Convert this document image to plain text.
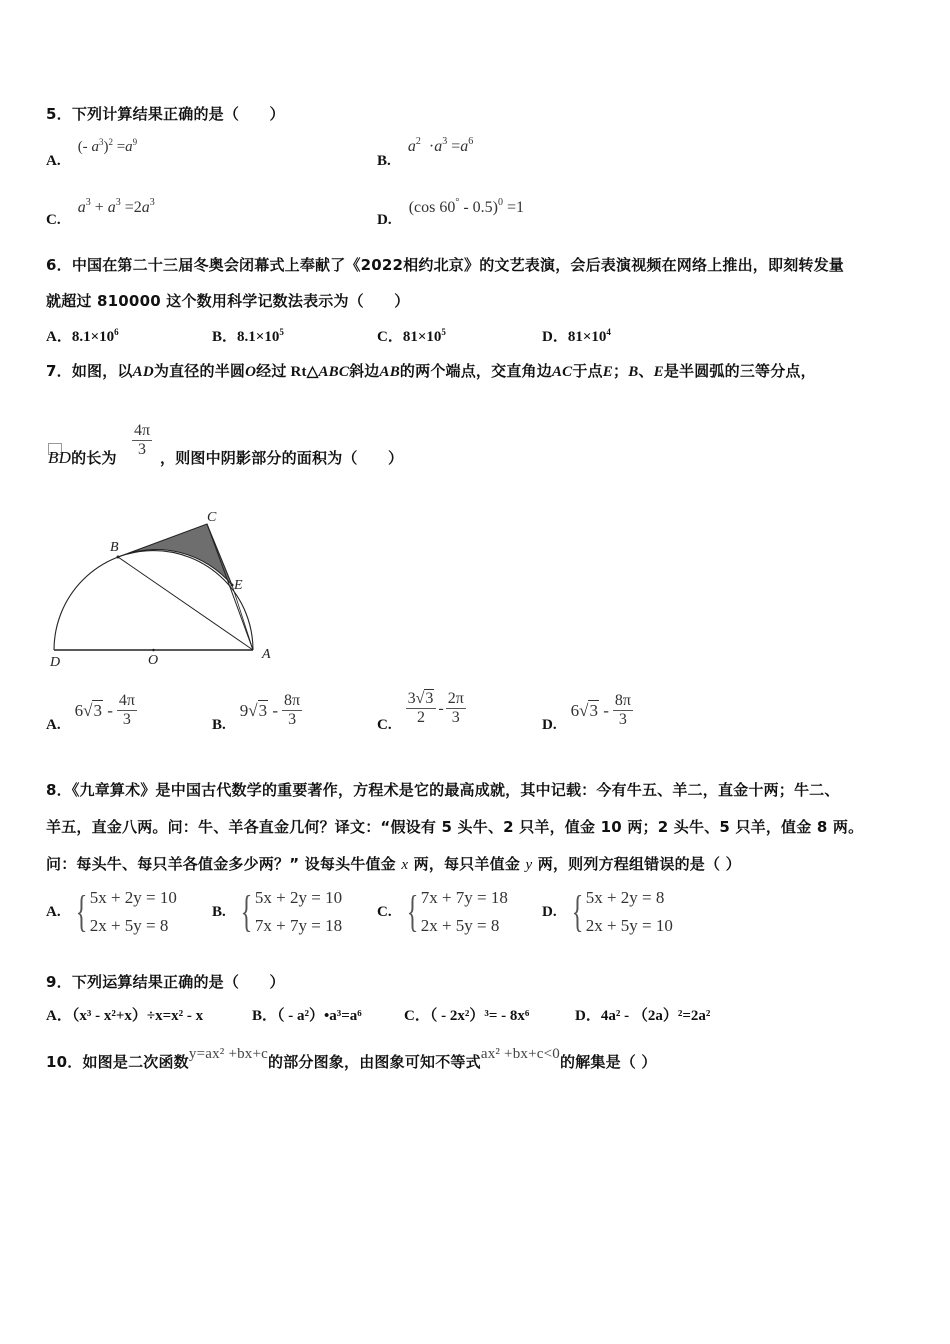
5．下列计算结果正确的是（　　）
A. (- $a^3)^2 =a^9$
B. $a^2 \cdot a^3 =a^6$
C. $a^3 + a^3 =2a^3$
D. (cos 60° - 0.5)$^0$ =1
6．中国在第二十三届冬奥会闭幕式上奉献了《2022相约北京》的文艺表演，会后表演视频在网络上推出，即刻转发量
就超过 810000 这个数用科学记数法表示为（　　）
A．$8.1\times 10^6$	B．$8.1\times 10^5$	C．$81\times 10^5$	D．$81\times 10^4$
7．如图，以AD为直径的半圆O经过 Rt△ABC斜边AB的两个端点，交直角边AC于点E；B、E是半圆弧的三等分点，
BD的长为 $\frac{4\pi}{3}$ ，则图中阴影部分的面积为（　　）
B
C
E
D	O	A
A.
$6√3 - \frac{4\pi}{3}$	B.
$9√3 - \frac{8\pi}{3}$	C. $\frac{3√3}{2} - \frac{2\pi}{3}$	D.
$6√3 - \frac{8\pi}{3}$
8．《九章算术》是中国古代数学的重要著作，方程术是它的最高成就，其中记载：今有牛五、羊二，直金十两；牛二、
羊五，直金八两。问：牛、羊各直金几何？译文：“假设有 5 头牛、2 只羊，值金 10 两；2 头牛、5 只羊，值金 8 两。
问：每头牛、每只羊各值金多少两？” 设每头牛值金 x 两，每只羊值金 y 两，则列方程组错误的是（ ）
A. { 5x + 2y = 10
2x + 5y = 8
B. { 5x + 2y = 10
7x + 7y = 18
C. { 7x + 7y = 18
2x + 5y = 8
D. { 5x + 2y = 8
2x + 5y = 10
9．下列运算结果正确的是（　　）
A．（x³ - x²+x）÷x=x² - x	B．（ - a²）•a³=a⁶	C．（ - 2x²）³= - 8x⁶	D．4a² - （2a）²=2a²
10．如图是二次函数y=ax² +bx+c的部分图象，由图象可知不等式ax² +bx+c<0的解集是（ ）
